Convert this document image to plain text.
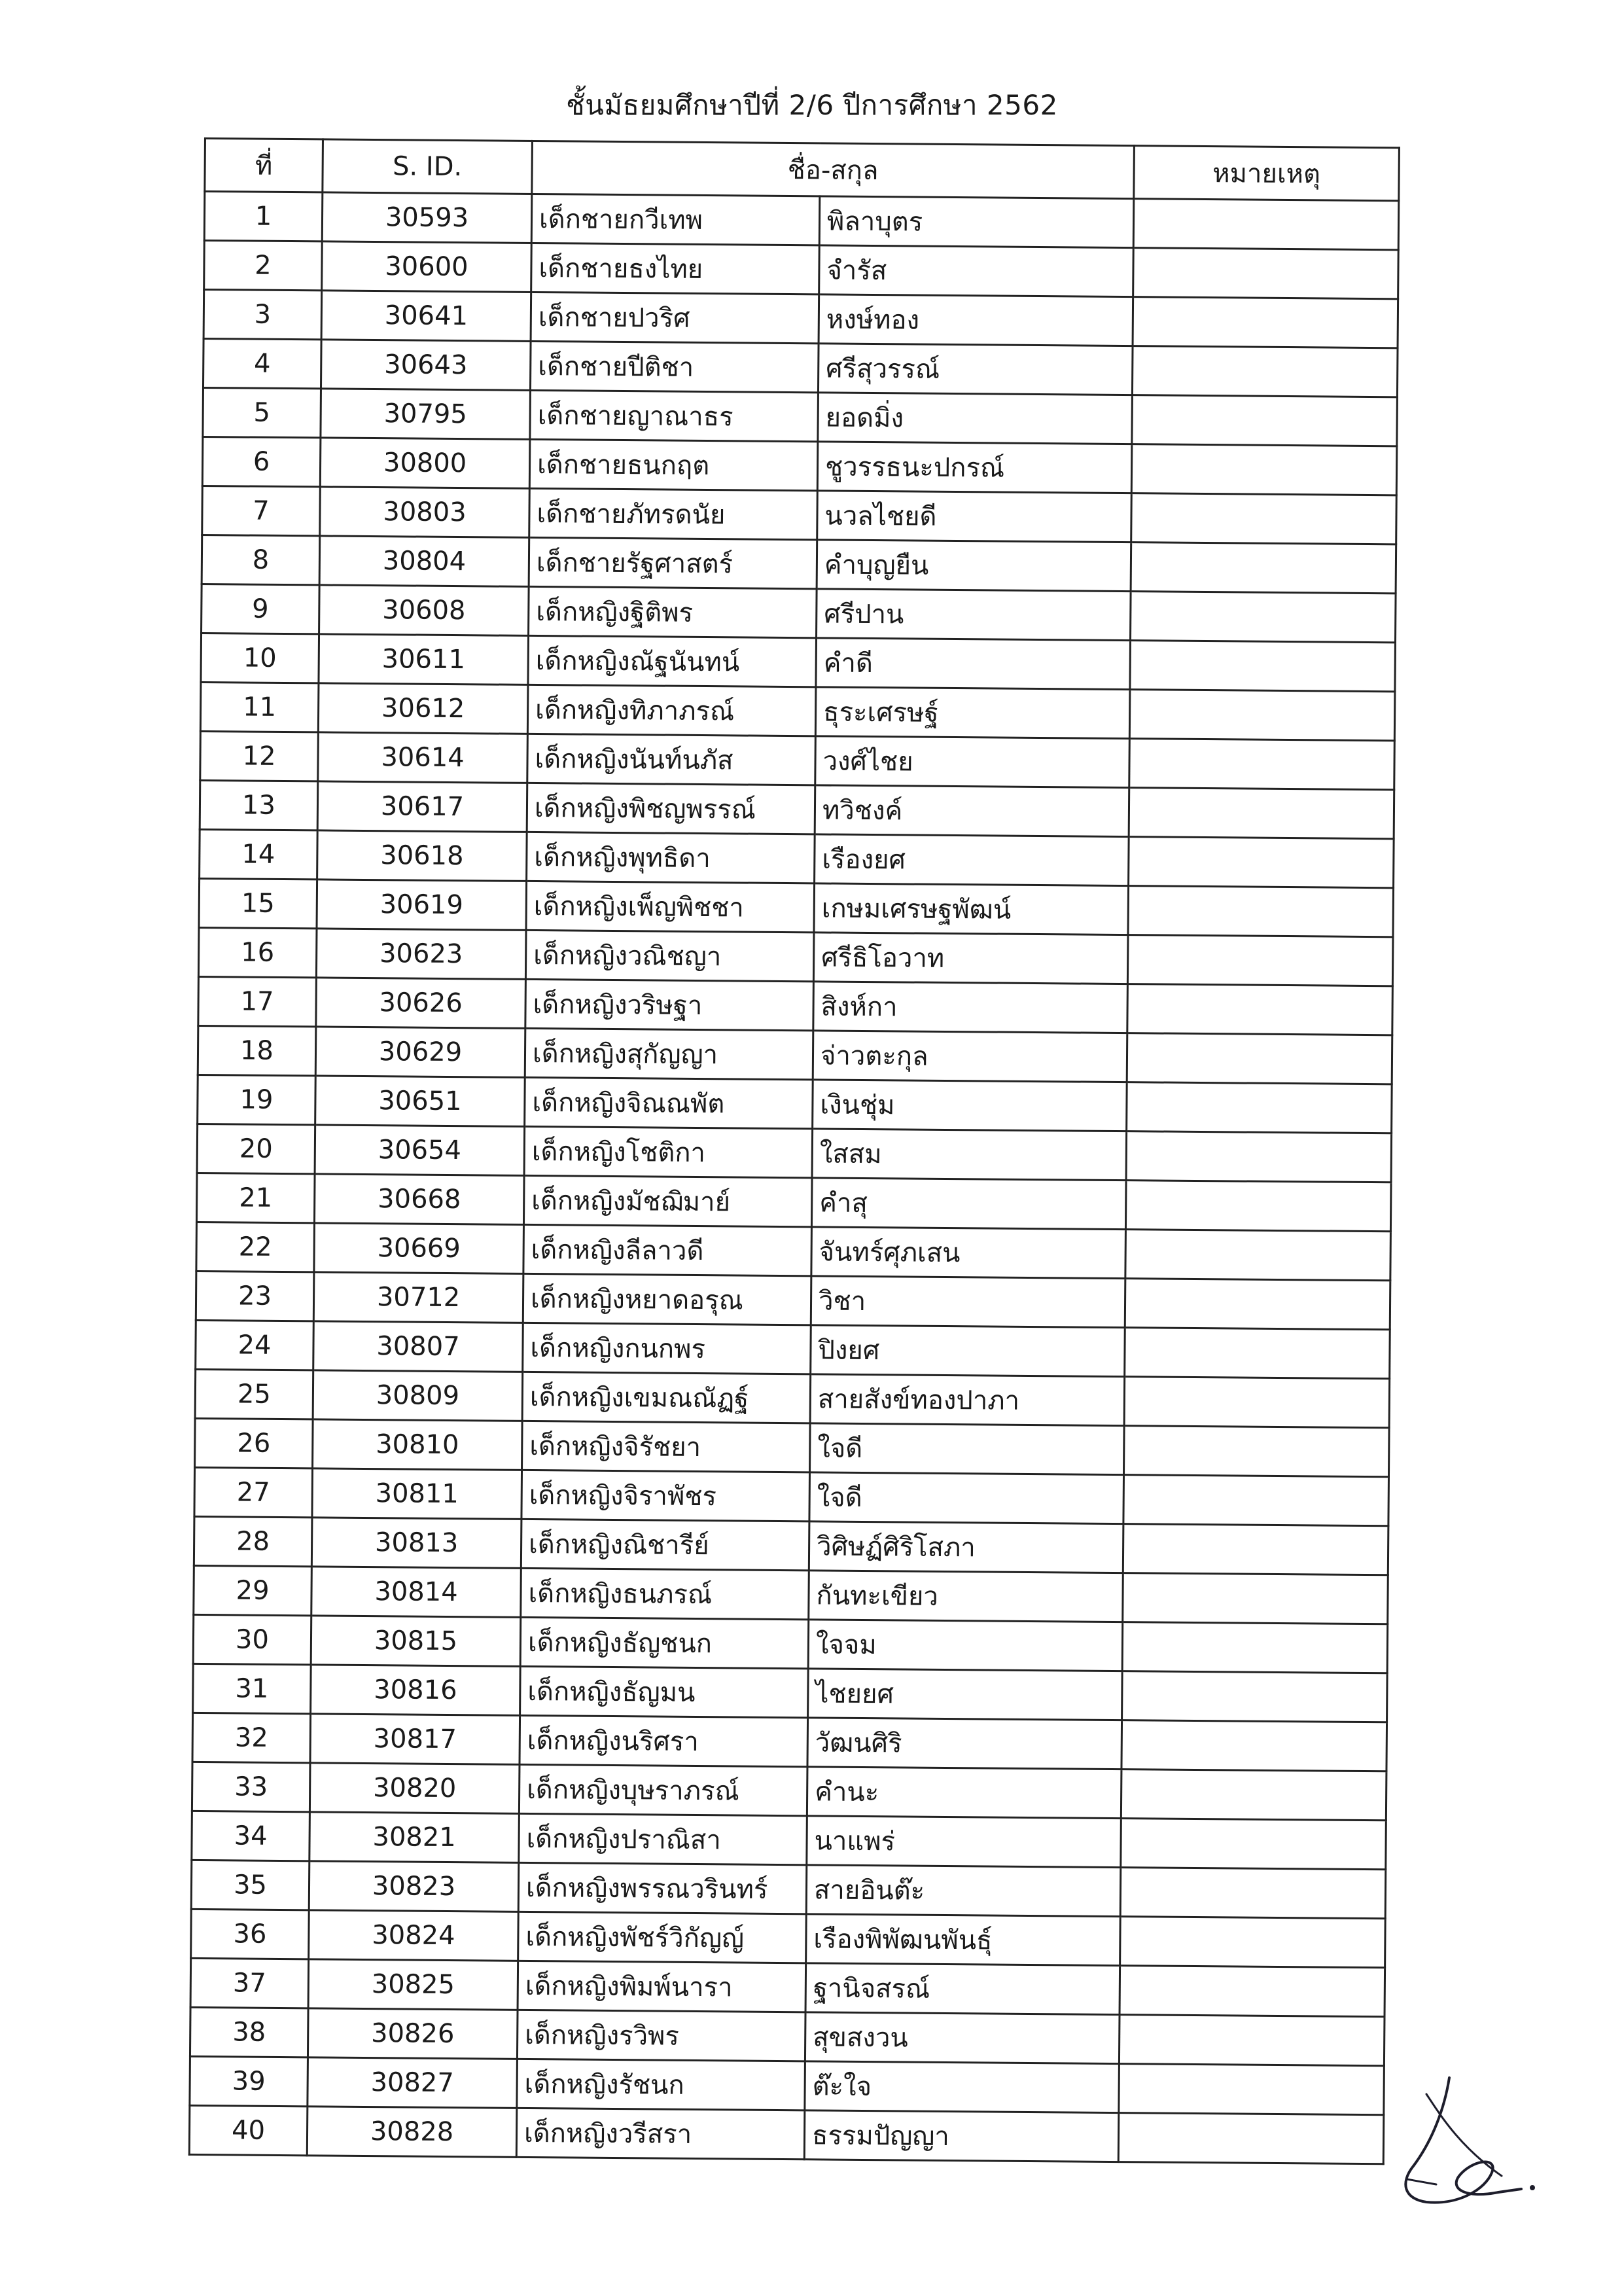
ชั้นมัธยมศึกษาปีที่ 2/6 ปีการศึกษา 2562
ที่	S. ID.	ชื่อ-สกุล		หมายเหตุ
1	30593	เด็กชายกวีเทพ	พิลาบุตร	
2	30600	เด็กชายธงไทย	จำรัส	
3	30641	เด็กชายปวริศ	หงษ์ทอง	
4	30643	เด็กชายปีติชา	ศรีสุวรรณ์	
5	30795	เด็กชายญาณาธร	ยอดมิ่ง	
6	30800	เด็กชายธนกฤต	ชูวรรธนะปกรณ์	
7	30803	เด็กชายภัทรดนัย	นวลไชยดี	
8	30804	เด็กชายรัฐศาสตร์	คำบุญยืน	
9	30608	เด็กหญิงฐิติพร	ศรีปาน	
10	30611	เด็กหญิงณัฐนันทน์	คำดี	
11	30612	เด็กหญิงทิภาภรณ์	ธุระเศรษฐ์	
12	30614	เด็กหญิงนันท์นภัส	วงศ์ไชย	
13	30617	เด็กหญิงพิชญพรรณ์	ทวิชงค์	
14	30618	เด็กหญิงพุทธิดา	เรืองยศ	
15	30619	เด็กหญิงเพ็ญพิชชา	เกษมเศรษฐพัฒน์	
16	30623	เด็กหญิงวณิชญา	ศรีธิโอวาท	
17	30626	เด็กหญิงวริษฐา	สิงห์กา	
18	30629	เด็กหญิงสุกัญญา	จ่าวตะกุล	
19	30651	เด็กหญิงจิณณพัต	เงินชุ่ม	
20	30654	เด็กหญิงโชติกา	ใสสม	
21	30668	เด็กหญิงมัชฌิมาย์	คำสุ	
22	30669	เด็กหญิงลีลาวดี	จันทร์ศุภเสน	
23	30712	เด็กหญิงหยาดอรุณ	วิชา	
24	30807	เด็กหญิงกนกพร	ปิงยศ	
25	30809	เด็กหญิงเขมณณัฏฐ์	สายสังข์ทองปาภา	
26	30810	เด็กหญิงจิรัชยา	ใจดี	
27	30811	เด็กหญิงจิราพัชร	ใจดี	
28	30813	เด็กหญิงณิชารีย์	วิศิษฏ์ศิริโสภา	
29	30814	เด็กหญิงธนภรณ์	กันทะเขียว	
30	30815	เด็กหญิงธัญชนก	ใจจม	
31	30816	เด็กหญิงธัญมน	ไชยยศ	
32	30817	เด็กหญิงนริศรา	วัฒนศิริ	
33	30820	เด็กหญิงบุษราภรณ์	คำนะ	
34	30821	เด็กหญิงปราณิสา	นาแพร่	
35	30823	เด็กหญิงพรรณวรินทร์	สายอินต๊ะ	
36	30824	เด็กหญิงพัชร์วิกัญญ์	เรืองพิพัฒนพันธุ์	
37	30825	เด็กหญิงพิมพ์นารา	ฐานิจสรณ์	
38	30826	เด็กหญิงรวิพร	สุขสงวน	
39	30827	เด็กหญิงรัชนก	ต๊ะใจ	
40	30828	เด็กหญิงวรีสรา	ธรรมปัญญา	
